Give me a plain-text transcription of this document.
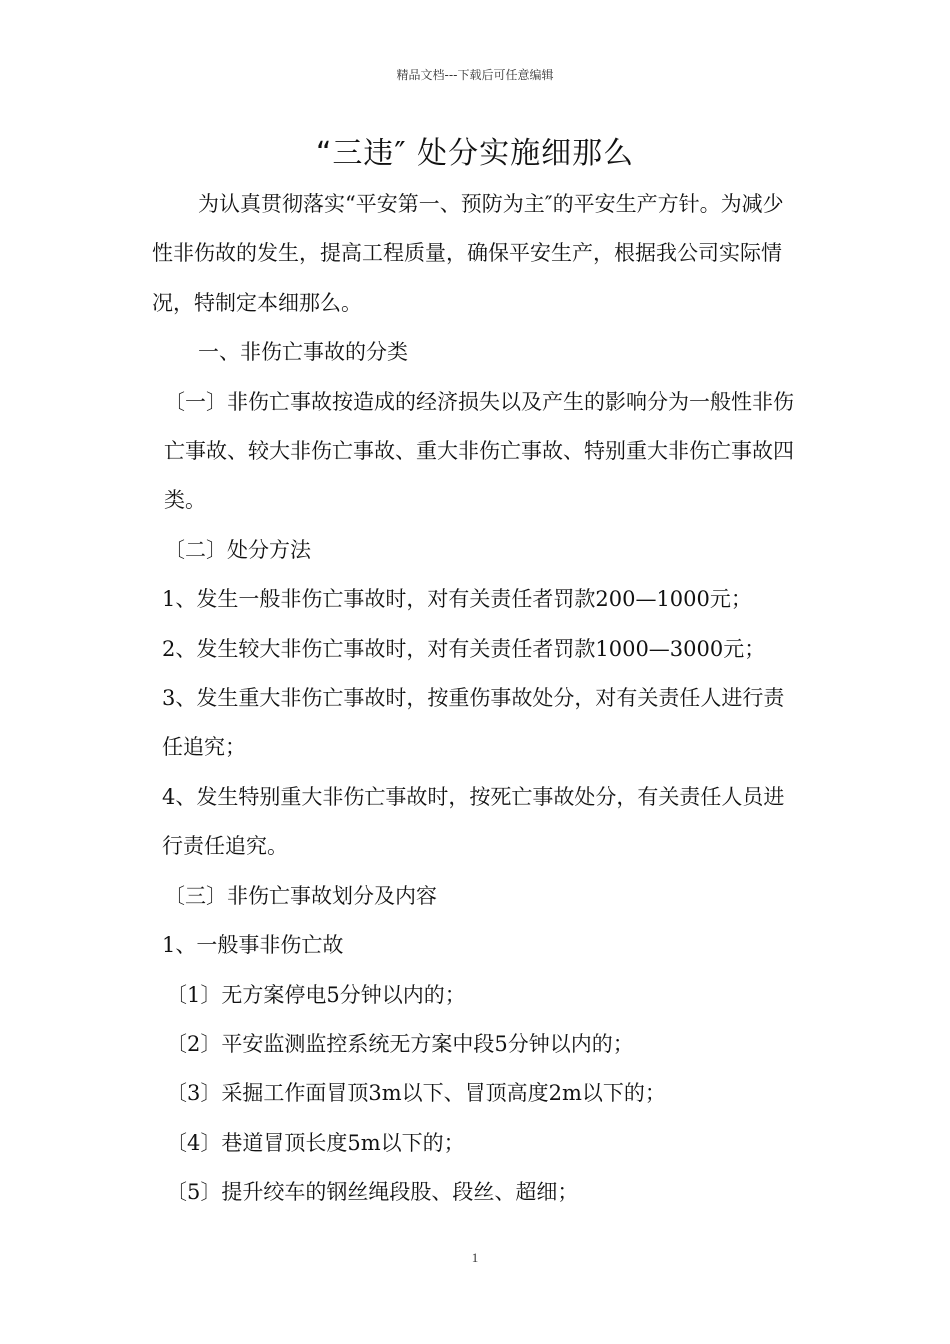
精品文档---下载后可任意编辑
“三违″ 处分实施细那么

为认真贯彻落实“平安第一、预防为主″的平安生产方针。为减少性非伤故的发生，提高工程质量，确保平安生产，根据我公司实际情况，特制定本细那么。

一、非伤亡事故的分类

〔一〕非伤亡事故按造成的经济损失以及产生的影响分为一般性非伤亡事故、较大非伤亡事故、重大非伤亡事故、特别重大非伤亡事故四类。

〔二〕处分方法

1、发生一般非伤亡事故时，对有关责任者罚款200—1000元；

2、发生较大非伤亡事故时，对有关责任者罚款1000—3000元；

3、发生重大非伤亡事故时，按重伤事故处分，对有关责任人进行责任追究；

4、发生特别重大非伤亡事故时，按死亡事故处分，有关责任人员进行责任追究。

〔三〕非伤亡事故划分及内容

1、一般事非伤亡故

〔1〕无方案停电5分钟以内的；

〔2〕平安监测监控系统无方案中段5分钟以内的；

〔3〕采掘工作面冒顶3m以下、冒顶高度2m以下的；

〔4〕巷道冒顶长度5m以下的；

〔5〕提升绞车的钢丝绳段股、段丝、超细；

1
